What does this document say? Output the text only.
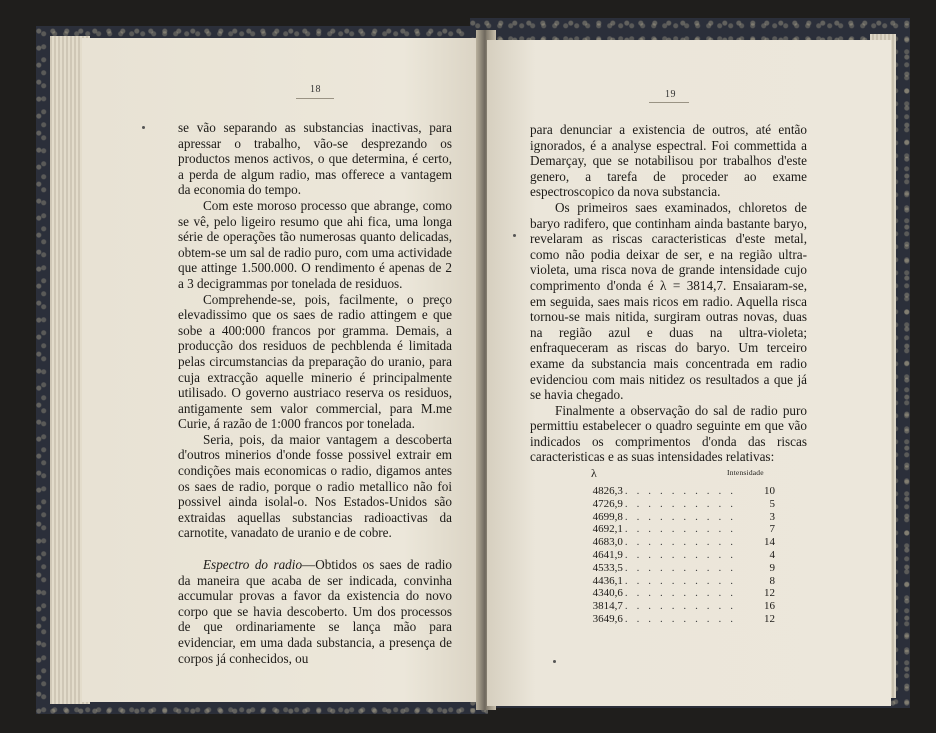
18

se vão separando as substancias inactivas, para apressar o trabalho, vão-se desprezando os productos menos activos, o que determina, é certo, a perda de algum radio, mas offerece a vantagem da economia do tempo.

Com este moroso processo que abrange, como se vê, pelo ligeiro resumo que ahi fica, uma longa série de operações tão numerosas quanto delicadas, obtem-se um sal de radio puro, com uma actividade que attinge 1.500.000. O rendimento é apenas de 2 a 3 decigrammas por tonelada de residuos.

Comprehende-se, pois, facilmente, o preço elevadissimo que os saes de radio attingem e que sobe a 400:000 francos por gramma. Demais, a producção dos residuos de pechblenda é limitada pelas circumstancias da preparação do uranio, para cuja extracção aquelle minerio é principalmente utilisado. O governo austriaco reserva os residuos, antigamente sem valor commercial, para M.me Curie, á razão de 1:000 francos por tonelada.

Seria, pois, da maior vantagem a descoberta d'outros minerios d'onde fosse possivel extrair em condições mais economicas o radio, digamos antes os saes de radio, porque o radio metallico não foi possivel ainda isolal-o. Nos Estados-Unidos são extraidas aquellas substancias radioactivas da carnotite, vanadato de uranio e de cobre.

Espectro do radio—Obtidos os saes de radio da maneira que acaba de ser indicada, convinha accumular provas a favor da existencia do novo corpo que se havia descoberto. Um dos processos de que ordinariamente se lança mão para evidenciar, em uma dada substancia, a presença de corpos já conhecidos, ou

19

para denunciar a existencia de outros, até então ignorados, é a analyse espectral. Foi commettida a Demarçay, que se notabilisou por trabalhos d'este genero, a tarefa de proceder ao exame espectroscopico da nova substancia.

Os primeiros saes examinados, chloretos de baryo radifero, que continham ainda bastante baryo, revelaram as riscas caracteristicas d'este metal, como não podia deixar de ser, e na região ultra-violeta, uma risca nova de grande intensidade cujo comprimento d'onda é λ = 3814,7. Ensaiaram-se, em seguida, saes mais ricos em radio. Aquella risca tornou-se mais nitida, surgiram outras novas, duas na região azul e duas na ultra-violeta; enfraqueceram as riscas do baryo. Um terceiro exame da substancia mais concentrada em radio evidenciou com mais nitidez os resultados a que já se havia chegado.

Finalmente a observação do sal de radio puro permittiu estabelecer o quadro seguinte em que vão indicados os comprimentos d'onda das riscas caracteristicas e as suas intensidades relativas:

λ	Intensidade
4826,3	. . . . . . . . . .	10
4726,9	. . . . . . . . . .	5
4699,8	. . . . . . . . . .	3
4692,1	. . . . . . . . . .	7
4683,0	. . . . . . . . . .	14
4641,9	. . . . . . . . . .	4
4533,5	. . . . . . . . . .	9
4436,1	. . . . . . . . . .	8
4340,6	. . . . . . . . . .	12
3814,7	. . . . . . . . . .	16
3649,6	. . . . . . . . . .	12
